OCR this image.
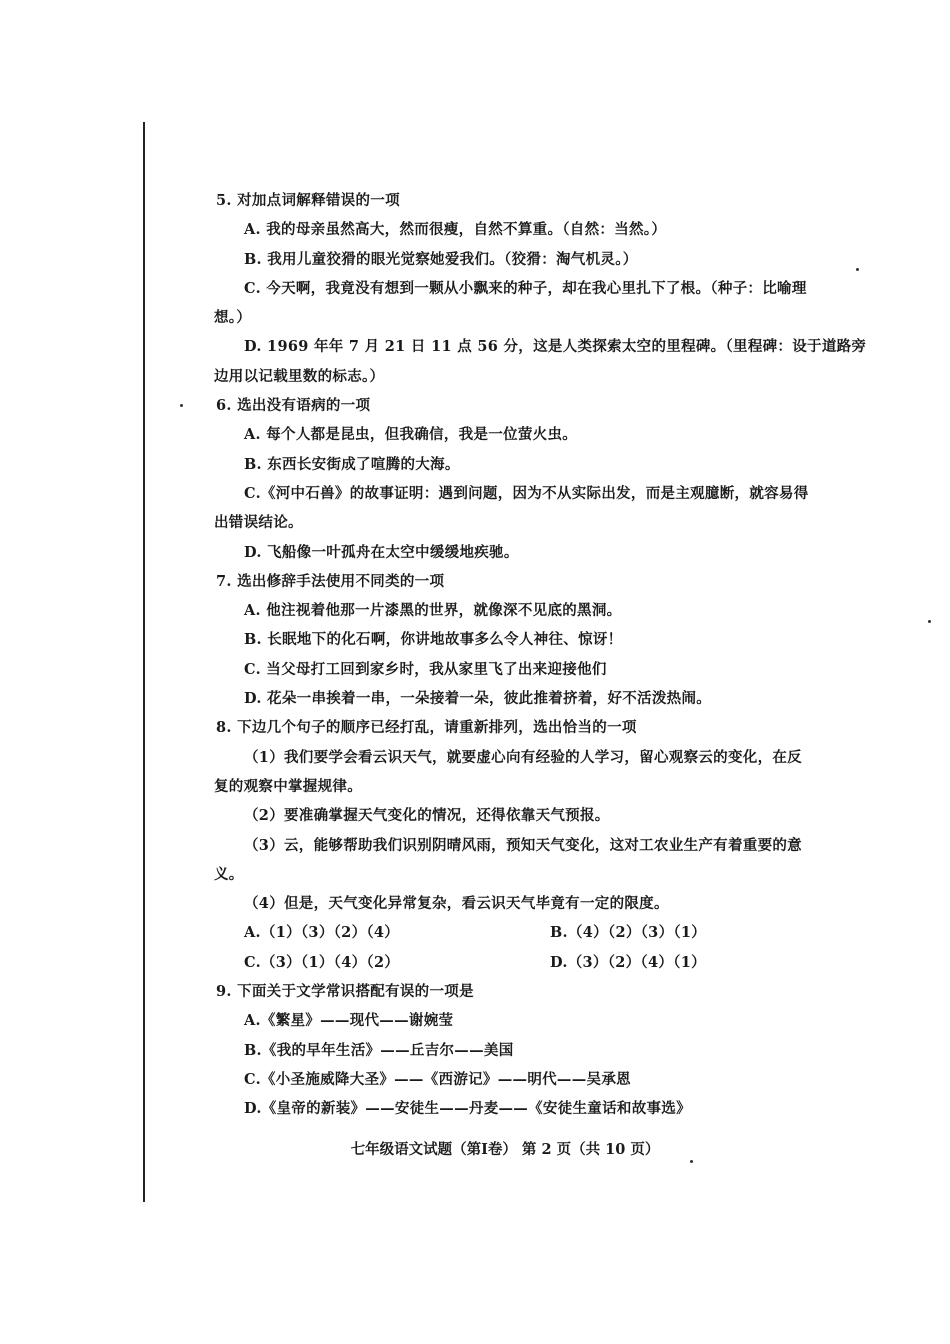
5. 对加点词解释错误的一项
A. 我的母亲虽然高大，然而很瘦，自然不算重。（自然：当然。）
B. 我用儿童狡猾的眼光觉察她爱我们。（狡猾：淘气机灵。）
C. 今天啊，我竟没有想到一颗从小飘来的种子，却在我心里扎下了根。（种子：比喻理
想。）
D. 1969 年年 7 月 21 日 11 点 56 分，这是人类探索太空的里程碑。（里程碑：设于道路旁
边用以记载里数的标志。）
6. 选出没有语病的一项
A. 每个人都是昆虫，但我确信，我是一位萤火虫。
B. 东西长安街成了喧腾的大海。
C.《河中石兽》的故事证明：遇到问题，因为不从实际出发，而是主观臆断，就容易得
出错误结论。
D. 飞船像一叶孤舟在太空中缓缓地疾驰。
7. 选出修辞手法使用不同类的一项
A. 他注视着他那一片漆黑的世界，就像深不见底的黑洞。
B. 长眠地下的化石啊，你讲地故事多么令人神往、惊讶！
C. 当父母打工回到家乡时，我从家里飞了出来迎接他们
D. 花朵一串挨着一串，一朵接着一朵，彼此推着挤着，好不活泼热闹。
8. 下边几个句子的顺序已经打乱，请重新排列，选出恰当的一项
（1）我们要学会看云识天气，就要虚心向有经验的人学习，留心观察云的变化，在反
复的观察中掌握规律。
（2）要准确掌握天气变化的情况，还得依靠天气预报。
（3）云，能够帮助我们识别阴晴风雨，预知天气变化，这对工农业生产有着重要的意
义。
（4）但是，天气变化异常复杂，看云识天气毕竟有一定的限度。
A.（1）（3）（2）（4）	B.（4）（2）（3）（1）
C.（3）（1）（4）（2）	D.（3）（2）（4）（1）
9. 下面关于文学常识搭配有误的一项是
A.《繁星》——现代——谢婉莹
B.《我的早年生活》——丘吉尔——美国
C.《小圣施威降大圣》——《西游记》——明代——吴承恩
D.《皇帝的新装》——安徒生——丹麦——《安徒生童话和故事选》
七年级语文试题（第Ⅰ卷） 第 2 页（共 10 页）
